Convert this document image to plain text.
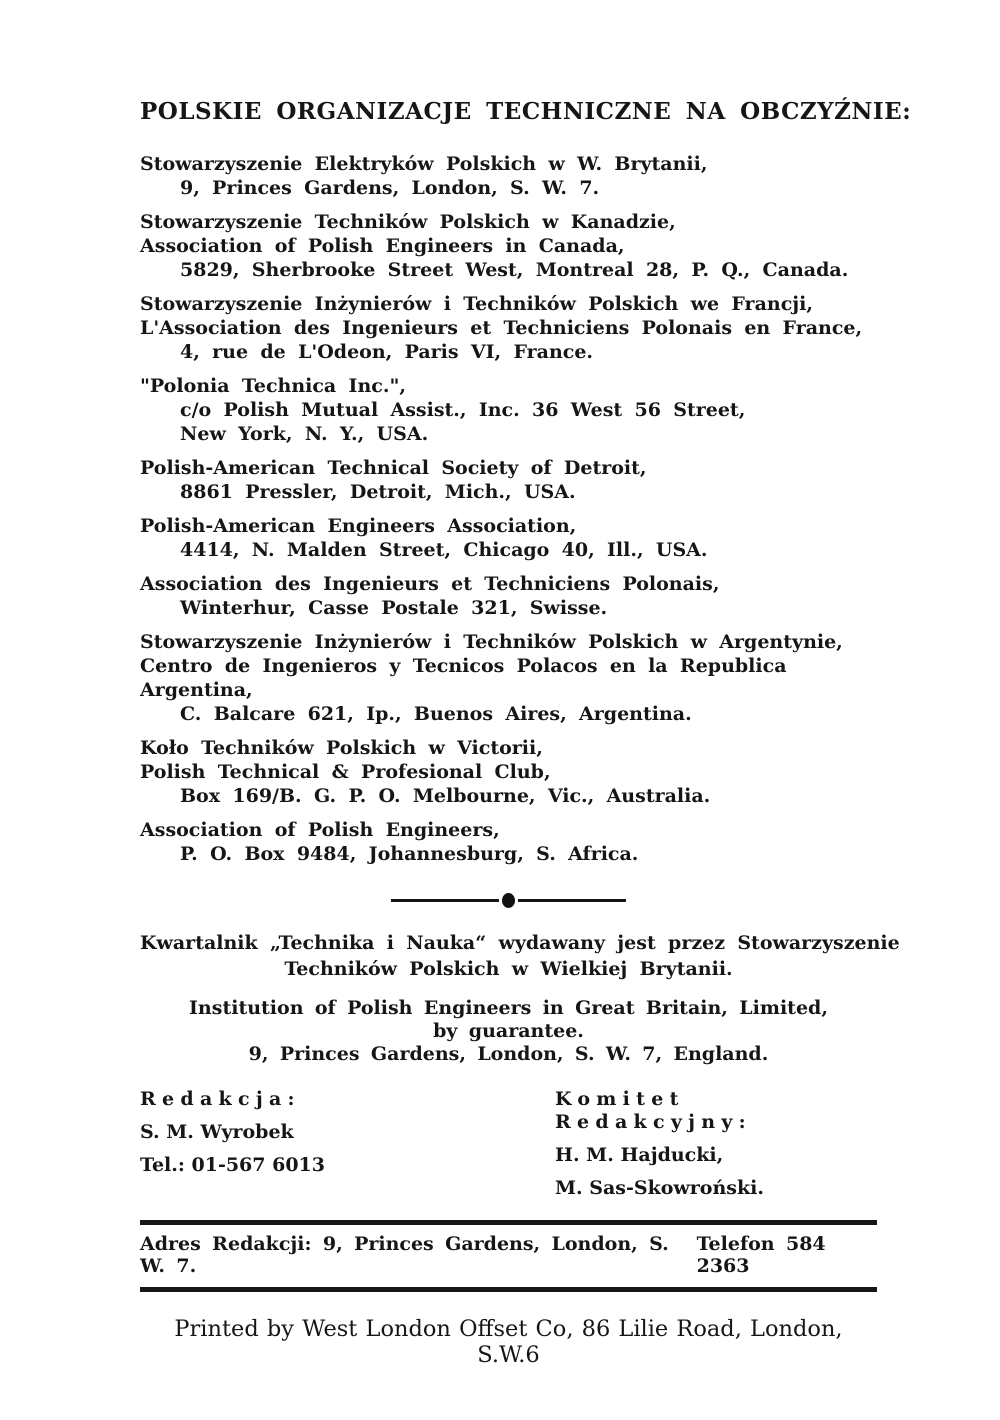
POLSKIE ORGANIZACJE TECHNICZNE NA OBCZYŹNIE:
Stowarzyszenie Elektryków Polskich w W. Brytanii,
9, Princes Gardens, London, S. W. 7.
Stowarzyszenie Techników Polskich w Kanadzie,
Association of Polish Engineers in Canada,
5829, Sherbrooke Street West, Montreal 28, P. Q., Canada.
Stowarzyszenie Inżynierów i Techników Polskich we Francji,
L'Association des Ingenieurs et Techniciens Polonais en France,
4, rue de L'Odeon, Paris VI, France.
"Polonia Technica Inc.",
c/o Polish Mutual Assist., Inc. 36 West 56 Street,
New York, N. Y., USA.
Polish-American Technical Society of Detroit,
8861 Pressler, Detroit, Mich., USA.
Polish-American Engineers Association,
4414, N. Malden Street, Chicago 40, Ill., USA.
Association des Ingenieurs et Techniciens Polonais,
Winterhur, Casse Postale 321, Swisse.
Stowarzyszenie Inżynierów i Techników Polskich w Argentynie,
Centro de Ingenieros y Tecnicos Polacos en la Republica Argentina,
C. Balcare 621, Ip., Buenos Aires, Argentina.
Koło Techników Polskich w Victorii,
Polish Technical & Profesional Club,
Box 169/B. G. P. O. Melbourne, Vic., Australia.
Association of Polish Engineers,
P. O. Box 9484, Johannesburg, S. Africa.
Kwartalnik „Technika i Nauka“ wydawany jest przez Stowarzyszenie
Techników Polskich w Wielkiej Brytanii.
Institution of Polish Engineers in Great Britain, Limited,
by guarantee.
9, Princes Gardens, London, S. W. 7, England.
Redakcja:
S. M. Wyrobek
Tel.: 01-567 6013
Komitet Redakcyjny:
H. M. Hajducki,
M. Sas-Skowroński.
Adres Redakcji: 9, Princes Gardens, London, S. W. 7.
Telefon 584 2363
Printed by West London Offset Co, 86 Lilie Road, London, S.W.6
